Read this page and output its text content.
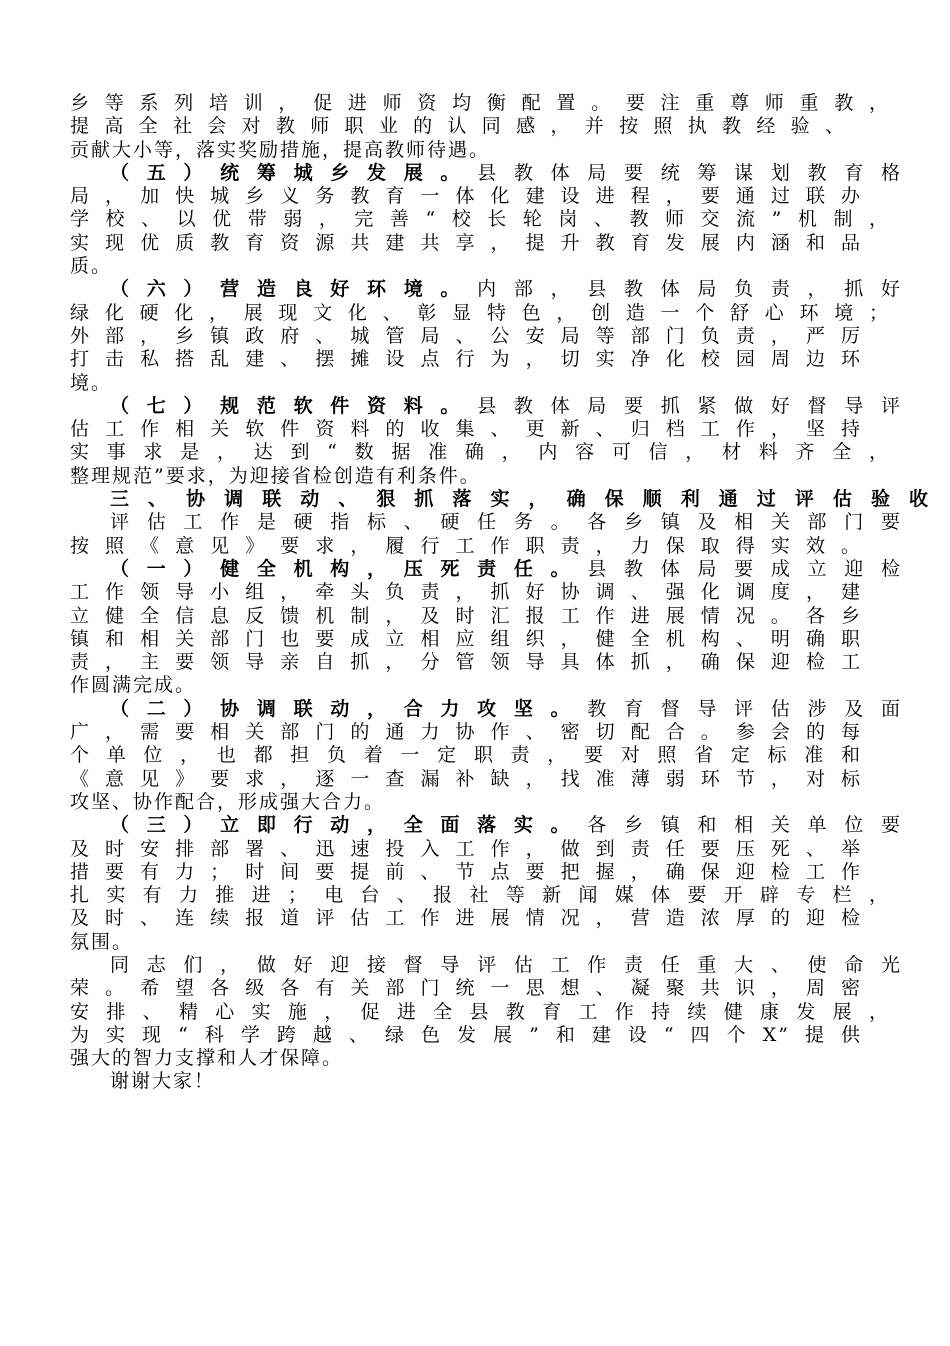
乡等系列培训，促进师资均衡配置。要注重尊师重教，
提高全社会对教师职业的认同感，并按照执教经验、
贡献大小等，落实奖励措施，提高教师待遇。
（五）统筹城乡发展。县教体局要统筹谋划教育格
局，加快城乡义务教育一体化建设进程，要通过联办
学校、以优带弱，完善“校长轮岗、教师交流”机制，
实现优质教育资源共建共享，提升教育发展内涵和品
质。
（六）营造良好环境。内部，县教体局负责，抓好
绿化硬化，展现文化、彰显特色，创造一个舒心环境；
外部，乡镇政府、城管局、公安局等部门负责，严厉
打击私搭乱建、摆摊设点行为，切实净化校园周边环
境。
（七）规范软件资料。县教体局要抓紧做好督导评
估工作相关软件资料的收集、更新、归档工作，坚持
实事求是，达到“数据准确，内容可信，材料齐全，
整理规范”要求，为迎接省检创造有利条件。
三、协调联动、狠抓落实，确保顺利通过评估验收
评估工作是硬指标、硬任务。各乡镇及相关部门要
按照《意见》要求，履行工作职责，力保取得实效。
（一）健全机构，压死责任。县教体局要成立迎检
工作领导小组，牵头负责，抓好协调、强化调度，建
立健全信息反馈机制，及时汇报工作进展情况。各乡
镇和相关部门也要成立相应组织，健全机构、明确职
责，主要领导亲自抓，分管领导具体抓，确保迎检工
作圆满完成。
（二）协调联动，合力攻坚。教育督导评估涉及面
广，需要相关部门的通力协作、密切配合。参会的每
个单位，也都担负着一定职责，要对照省定标准和
《意见》要求，逐一查漏补缺，找准薄弱环节，对标
攻坚、协作配合，形成强大合力。
（三）立即行动，全面落实。各乡镇和相关单位要
及时安排部署、迅速投入工作，做到责任要压死、举
措要有力；时间要提前、节点要把握，确保迎检工作
扎实有力推进；电台、报社等新闻媒体要开辟专栏，
及时、连续报道评估工作进展情况，营造浓厚的迎检
氛围。
同志们，做好迎接督导评估工作责任重大、使命光
荣。希望各级各有关部门统一思想、凝聚共识，周密
安排、精心实施，促进全县教育工作持续健康发展，
为实现“科学跨越、绿色发展”和建设“四个X”提供
强大的智力支撑和人才保障。
谢谢大家！
